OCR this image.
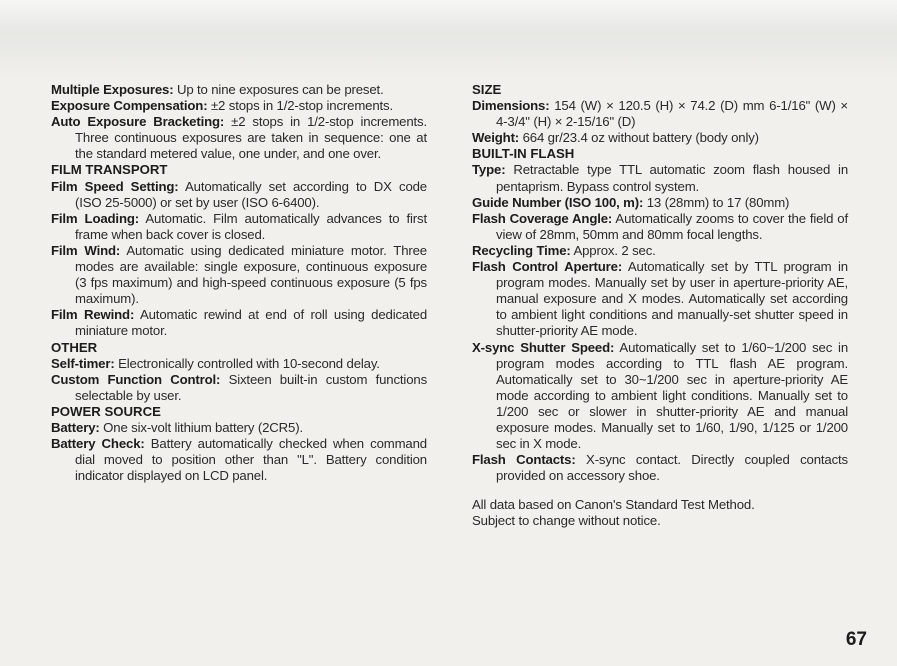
Multiple Exposures: Up to nine exposures can be preset.

Exposure Compensation: ±2 stops in 1/2-stop increments.

Auto Exposure Bracketing: ±2 stops in 1/2-stop increments. Three continuous exposures are taken in sequence: one at the standard metered value, one under, and one over.

FILM TRANSPORT

Film Speed Setting: Automatically set according to DX code (ISO 25-5000) or set by user (ISO 6-6400).

Film Loading: Automatic. Film automatically advances to first frame when back cover is closed.

Film Wind: Automatic using dedicated miniature motor. Three modes are available: single exposure, continuous exposure (3 fps maximum) and high-speed continuous exposure (5 fps maximum).

Film Rewind: Automatic rewind at end of roll using dedicated miniature motor.

OTHER

Self-timer: Electronically controlled with 10-second delay.

Custom Function Control: Sixteen built-in custom functions selectable by user.

POWER SOURCE

Battery: One six-volt lithium battery (2CR5).

Battery Check: Battery automatically checked when command dial moved to position other than "L". Battery condition indicator displayed on LCD panel.

SIZE

Dimensions: 154 (W) × 120.5 (H) × 74.2 (D) mm 6-1/16" (W) × 4-3/4" (H) × 2-15/16" (D)

Weight: 664 gr/23.4 oz without battery (body only)

BUILT-IN FLASH

Type: Retractable type TTL automatic zoom flash housed in pentaprism. Bypass control system.

Guide Number (ISO 100, m): 13 (28mm) to 17 (80mm)

Flash Coverage Angle: Automatically zooms to cover the field of view of 28mm, 50mm and 80mm focal lengths.

Recycling Time: Approx. 2 sec.

Flash Control Aperture: Automatically set by TTL program in program modes. Manually set by user in aperture-priority AE, manual exposure and X modes. Automatically set according to ambient light conditions and manually-set shutter speed in shutter-priority AE mode.

X-sync Shutter Speed: Automatically set to 1/60~1/200 sec in program modes according to TTL flash AE program. Automatically set to 30~1/200 sec in aperture-priority AE mode according to ambient light conditions. Manually set to 1/200 sec or slower in shutter-priority AE and manual exposure modes. Manually set to 1/60, 1/90, 1/125 or 1/200 sec in X mode.

Flash Contacts: X-sync contact. Directly coupled contacts provided on accessory shoe.

All data based on Canon's Standard Test Method.

Subject to change without notice.

67
